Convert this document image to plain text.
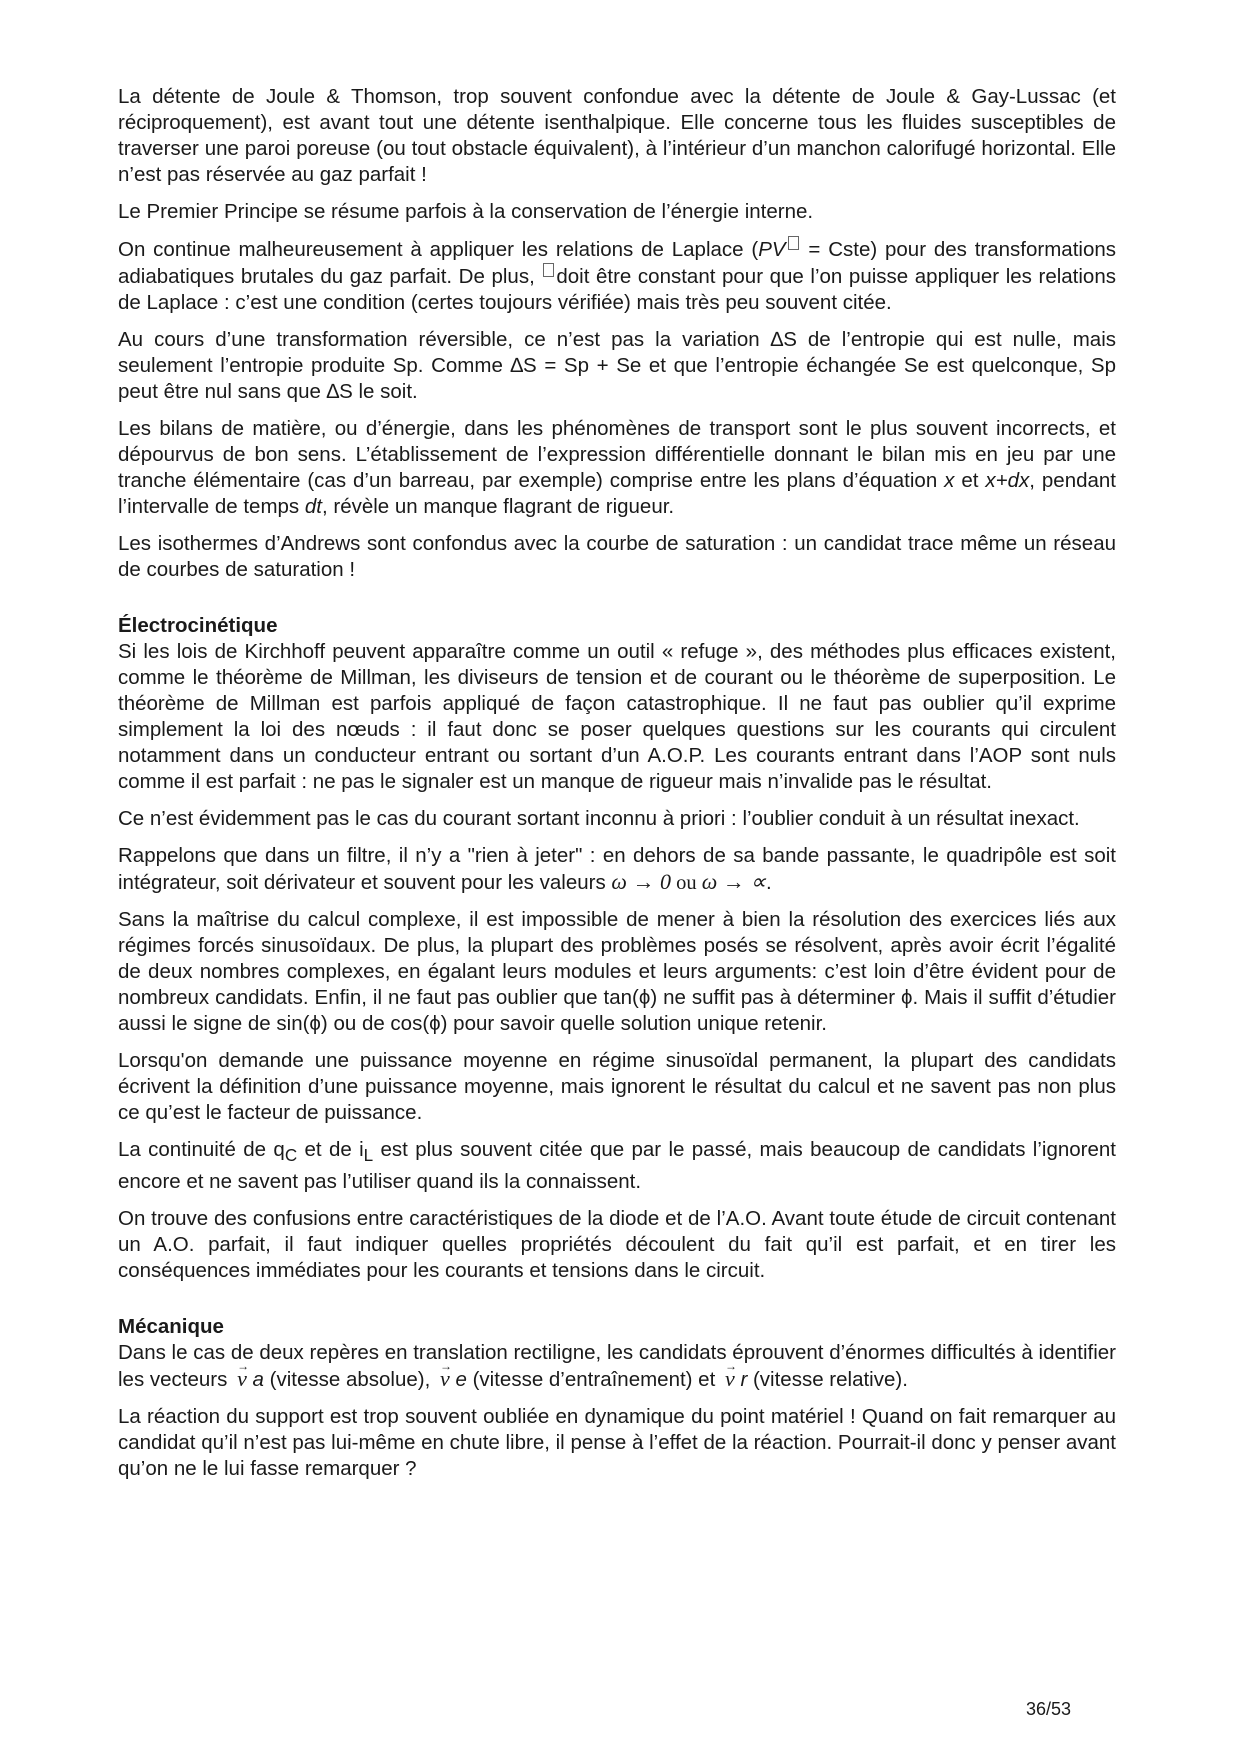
La détente de Joule & Thomson, trop souvent confondue avec la détente de Joule & Gay-Lussac (et réciproquement), est avant tout une détente isenthalpique. Elle concerne tous les fluides susceptibles de traverser une paroi poreuse (ou tout obstacle équivalent), à l’intérieur d’un manchon calorifugé horizontal. Elle n’est pas réservée au gaz parfait !

Le Premier Principe se résume parfois à la conservation de l’énergie interne.

On continue malheureusement à appliquer les relations de Laplace (PV = Cste) pour des transformations adiabatiques brutales du gaz parfait. De plus, doit être constant pour que l’on puisse appliquer les relations de Laplace : c’est une condition (certes toujours vérifiée) mais très peu souvent citée.

Au cours d’une transformation réversible, ce n’est pas la variation ∆S de l’entropie qui est nulle, mais seulement l’entropie produite Sp. Comme ∆S = Sp + Se et que l’entropie échangée Se est quelconque, Sp peut être nul sans que ∆S le soit.

Les bilans de matière, ou d’énergie, dans les phénomènes de transport sont le plus souvent incorrects, et dépourvus de bon sens. L’établissement de l’expression différentielle donnant le bilan mis en jeu par une tranche élémentaire (cas d’un barreau, par exemple) comprise entre les plans d’équation x et x+dx, pendant l’intervalle de temps dt, révèle un manque flagrant de rigueur.

Les isothermes d’Andrews sont confondus avec la courbe de saturation : un candidat trace même un réseau de courbes de saturation !

Électrocinétique

Si les lois de Kirchhoff peuvent apparaître comme un outil « refuge », des méthodes plus efficaces existent, comme le théorème de Millman, les diviseurs de tension et de courant ou le théorème de superposition. Le théorème de Millman est parfois appliqué de façon catastrophique. Il ne faut pas oublier qu’il exprime simplement la loi des nœuds : il faut donc se poser quelques questions sur les courants qui circulent notamment dans un conducteur entrant ou sortant d’un A.O.P. Les courants entrant dans l’AOP sont nuls comme il est parfait : ne pas le signaler est un manque de rigueur mais n’invalide pas le résultat.

Ce n’est évidemment pas le cas du courant sortant inconnu à priori : l’oublier conduit à un résultat inexact.

Rappelons que dans un filtre, il n’y a "rien à jeter" : en dehors de sa bande passante, le quadripôle est soit intégrateur, soit dérivateur et souvent pour les valeurs ω → 0 ou ω → ∝.

Sans la maîtrise du calcul complexe, il est impossible de mener à bien la résolution des exercices liés aux régimes forcés sinusoïdaux. De plus, la plupart des problèmes posés se résolvent, après avoir écrit l’égalité de deux nombres complexes, en égalant leurs modules et leurs arguments: c’est loin d’être évident pour de nombreux candidats. Enfin, il ne faut pas oublier que tan(ϕ) ne suffit pas à déterminer ϕ. Mais il suffit d’étudier aussi le signe de sin(ϕ) ou de cos(ϕ) pour savoir quelle solution unique retenir.

Lorsqu'on demande une puissance moyenne en régime sinusoïdal permanent, la plupart des candidats écrivent la définition d’une puissance moyenne, mais ignorent le résultat du calcul et ne savent pas non plus ce qu’est le facteur de puissance.

La continuité de $q_C$ et de $i_L$ est plus souvent citée que par le passé, mais beaucoup de candidats l’ignorent encore et ne savent pas l’utiliser quand ils la connaissent.

On trouve des confusions entre caractéristiques de la diode et de l’A.O. Avant toute étude de circuit contenant un A.O. parfait, il faut indiquer quelles propriétés découlent du fait qu’il est parfait, et en tirer les conséquences immédiates pour les courants et tensions dans le circuit.

Mécanique

Dans le cas de deux repères en translation rectiligne, les candidats éprouvent d’énormes difficultés à identifier les vecteurs → v a (vitesse absolue), → v e (vitesse d’entraînement) et → v r (vitesse relative).

La réaction du support est trop souvent oubliée en dynamique du point matériel ! Quand on fait remarquer au candidat qu’il n’est pas lui-même en chute libre, il pense à l’effet de la réaction. Pourrait-il donc y penser avant qu’on ne le lui fasse remarquer ?

36/53
